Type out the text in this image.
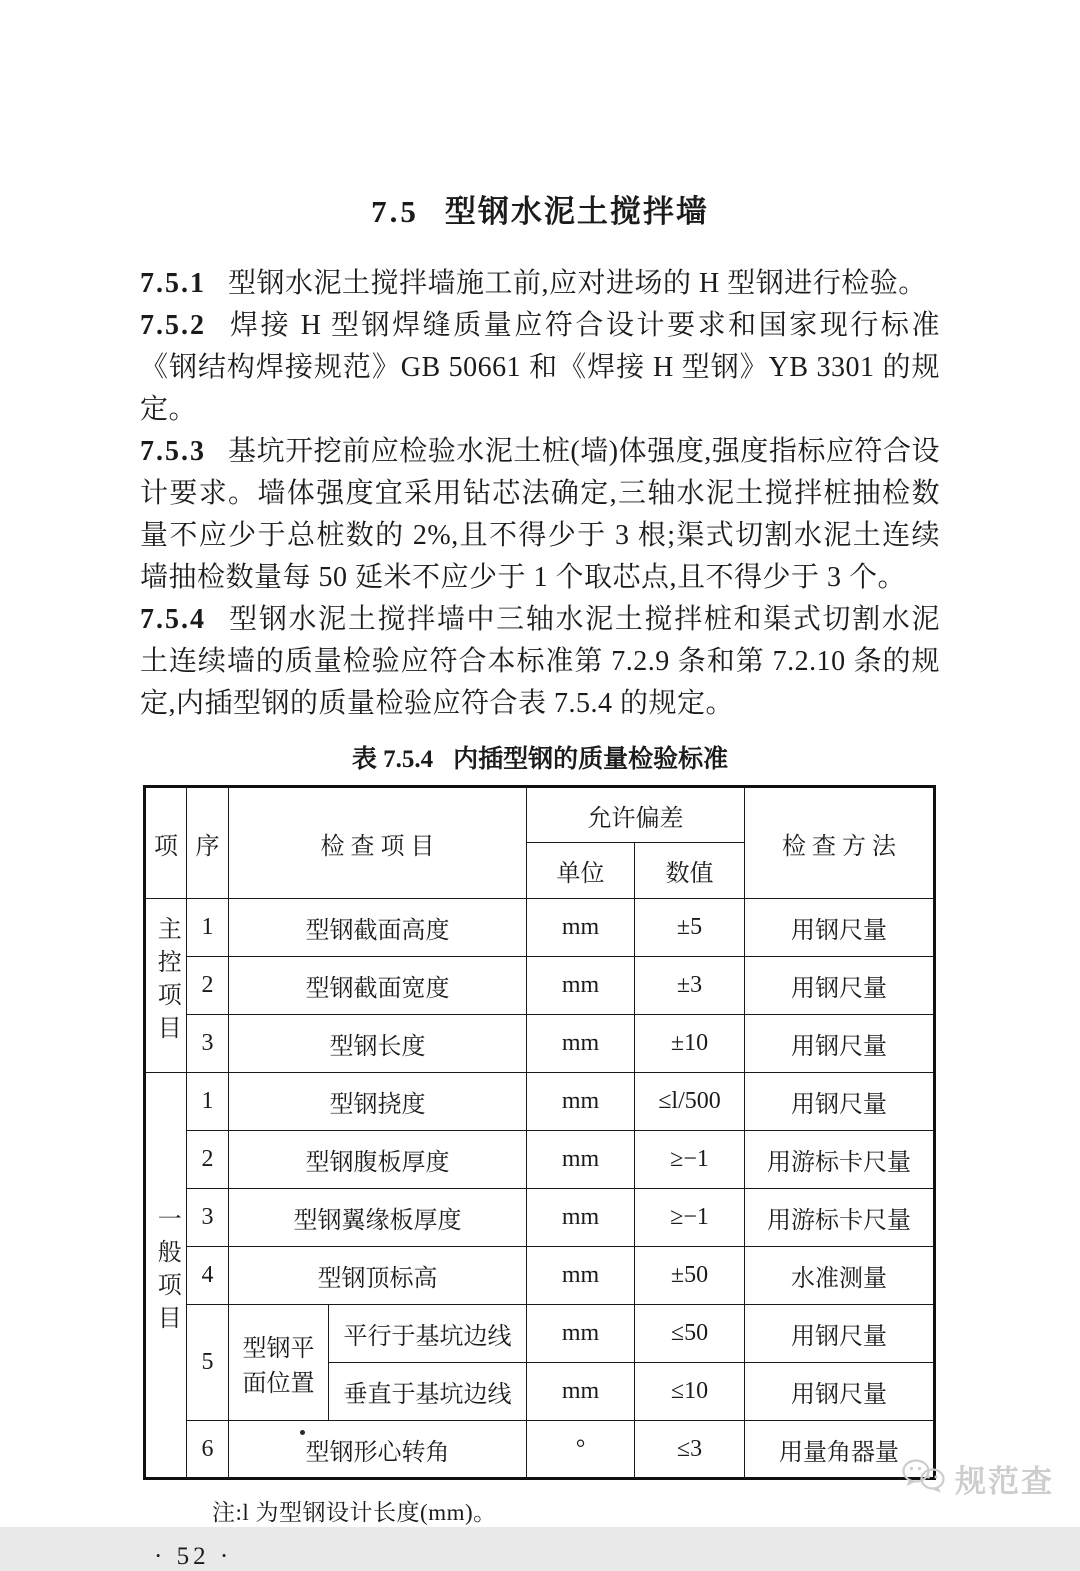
7.5 型钢水泥土搅拌墙

7.5.1 型钢水泥土搅拌墙施工前,应对进场的 H 型钢进行检验。

7.5.2 焊接 H 型钢焊缝质量应符合设计要求和国家现行标准《钢结构焊接规范》GB 50661 和《焊接 H 型钢》YB 3301 的规定。

7.5.3 基坑开挖前应检验水泥土桩(墙)体强度,强度指标应符合设计要求。墙体强度宜采用钻芯法确定,三轴水泥土搅拌桩抽检数量不应少于总桩数的 2%,且不得少于 3 根;渠式切割水泥土连续墙抽检数量每 50 延米不应少于 1 个取芯点,且不得少于 3 个。

7.5.4 型钢水泥土搅拌墙中三轴水泥土搅拌桩和渠式切割水泥土连续墙的质量检验应符合本标准第 7.2.9 条和第 7.2.10 条的规定,内插型钢的质量检验应符合表 7.5.4 的规定。

表 7.5.4 内插型钢的质量检验标准
项	序	检 查 项 目		允许偏差		检 查 方 法
				单位	数值	
主控项目	1	型钢截面高度		mm	±5	用钢尺量
	2	型钢截面宽度		mm	±3	用钢尺量
	3	型钢长度		mm	±10	用钢尺量
一般项目	1	型钢挠度		mm	≤l/500	用钢尺量
	2	型钢腹板厚度		mm	≥−1	用游标卡尺量
	3	型钢翼缘板厚度		mm	≥−1	用游标卡尺量
	4	型钢顶标高		mm	±50	水准测量
	5	型钢平面位置	平行于基坑边线	mm	≤50	用钢尺量
			垂直于基坑边线	mm	≤10	用钢尺量
	6	型钢形心转角		°	≤3	用量角器量
注:l 为型钢设计长度(mm)。
· 52 ·
规范查
